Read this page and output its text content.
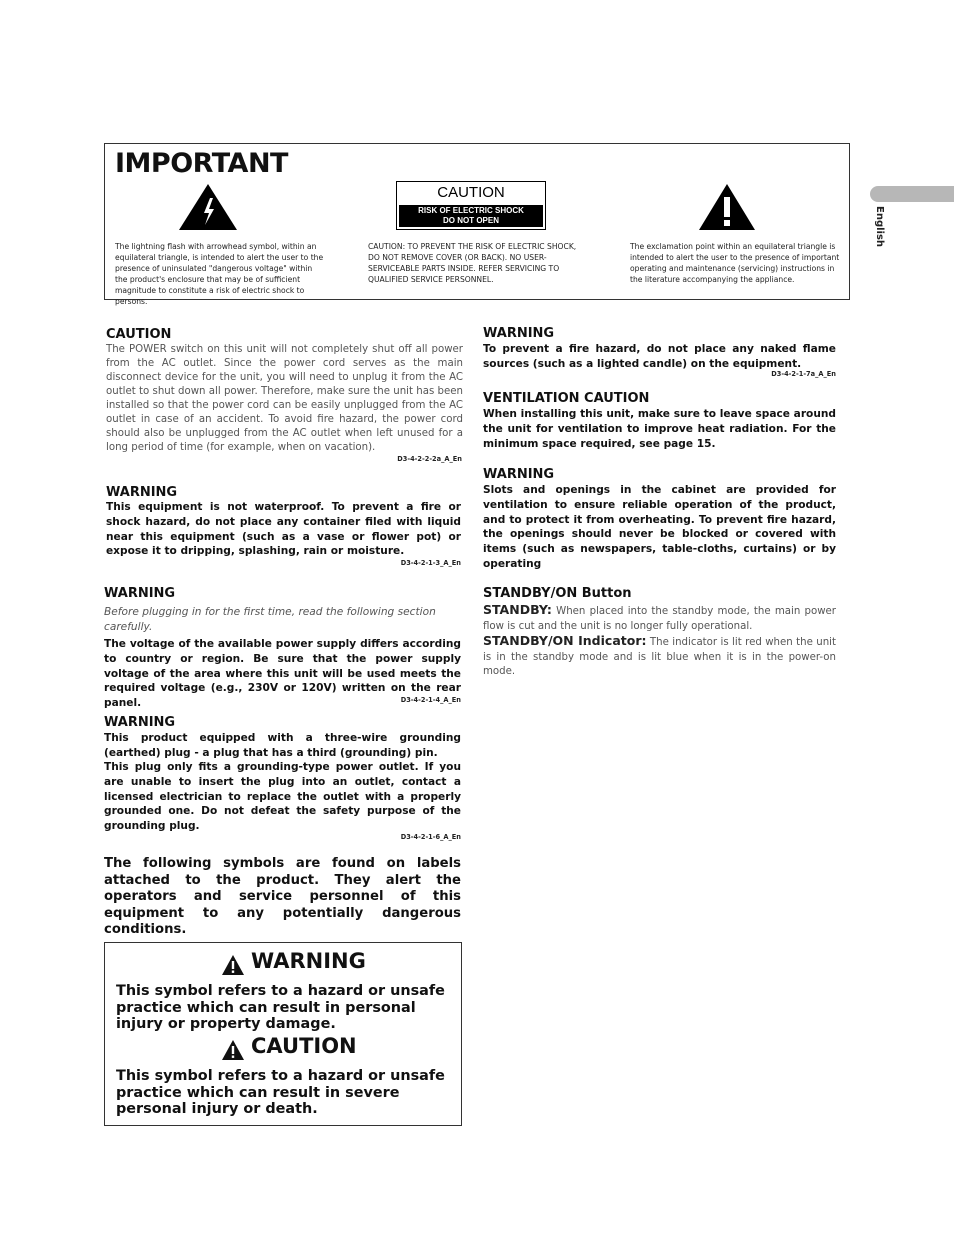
English
IMPORTANT
The lightning flash with arrowhead symbol, within an equilateral triangle, is intended to alert the user to the presence of uninsulated "dangerous voltage" within the product's enclosure that may be of sufficient magnitude to constitute a risk of electric shock to persons.
CAUTION
RISK OF ELECTRIC SHOCK
DO NOT OPEN
CAUTION: TO PREVENT THE RISK OF ELECTRIC SHOCK, DO NOT REMOVE COVER (OR BACK). NO USER-SERVICEABLE PARTS INSIDE. REFER SERVICING TO QUALIFIED SERVICE PERSONNEL.
The exclamation point within an equilateral triangle is intended to alert the user to the presence of important operating and maintenance (servicing) instructions in the literature accompanying the appliance.
CAUTION
The POWER switch on this unit will not completely shut off all power from the AC outlet. Since the power cord serves as the main disconnect device for the unit, you will need to unplug it from the AC outlet to shut down all power. Therefore, make sure the unit has been installed so that the power cord can be easily unplugged from the AC outlet in case of an accident. To avoid fire hazard, the power cord should also be unplugged from the AC outlet when left unused for a long period of time (for example, when on vacation).
D3-4-2-2-2a_A_En
WARNING
This equipment is not waterproof. To prevent a fire or shock hazard, do not place any container filed with liquid near this equipment (such as a vase or flower pot) or expose it to dripping, splashing, rain or moisture.
D3-4-2-1-3_A_En
WARNING
Before plugging in for the first time, read the following section carefully.
The voltage of the available power supply differs according to country or region. Be sure that the power supply voltage of the area where this unit will be used meets the required voltage (e.g., 230V or 120V) written on the rear panel.	D3-4-2-1-4_A_En
WARNING
This product equipped with a three-wire grounding (earthed) plug - a plug that has a third (grounding) pin.
This plug only fits a grounding-type power outlet. If you are unable to insert the plug into an outlet, contact a licensed electrician to replace the outlet with a properly grounded one. Do not defeat the safety purpose of the grounding plug.
D3-4-2-1-6_A_En
The following symbols are found on labels attached to the product. They alert the operators and service personnel of this equipment to any potentially dangerous conditions.
WARNING
This symbol refers to a hazard or unsafe practice which can result in personal injury or property damage.
CAUTION
This symbol refers to a hazard or unsafe practice which can result in severe personal injury or death.
WARNING
To prevent a fire hazard, do not place any naked flame sources (such as a lighted candle) on the equipment.
D3-4-2-1-7a_A_En
VENTILATION CAUTION
When installing this unit, make sure to leave space around the unit for ventilation to improve heat radiation. For the minimum space required, see page 15.
WARNING
Slots and openings in the cabinet are provided for ventilation to ensure reliable operation of the product, and to protect it from overheating. To prevent fire hazard, the openings should never be blocked or covered with items (such as newspapers, table-cloths, curtains) or by operating
STANDBY/ON Button
STANDBY: When placed into the standby mode, the main power flow is cut and the unit is no longer fully operational.
STANDBY/ON Indicator: The indicator is lit red when the unit is in the standby mode and is lit blue when it is in the power-on mode.
